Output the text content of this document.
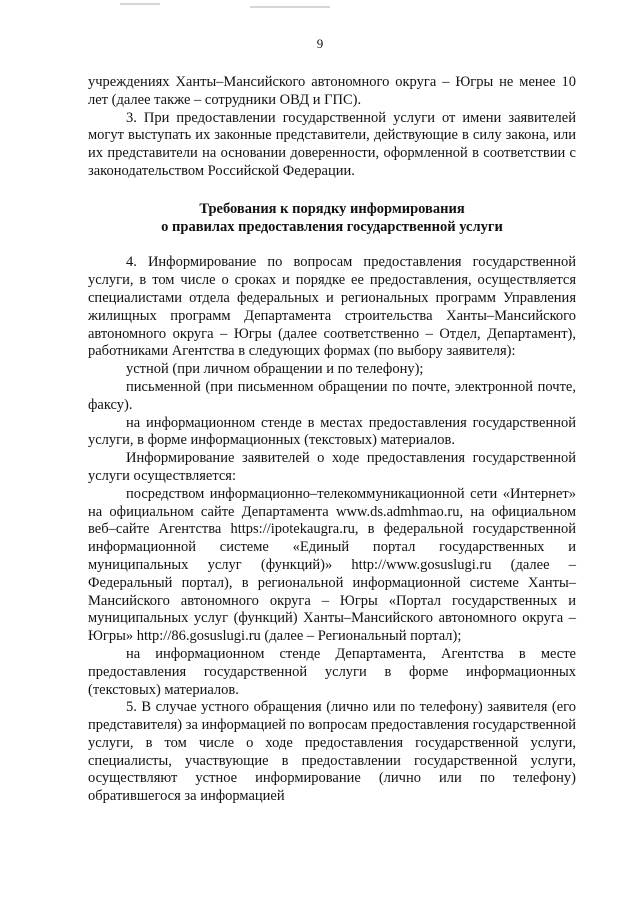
9

учреждениях Ханты–Мансийского автономного округа – Югры не менее 10 лет (далее также – сотрудники ОВД и ГПС).

3. При предоставлении государственной услуги от имени заявителей могут выступать их законные представители, действующие в силу закона, или их представители на основании доверенности, оформленной в соответствии с законодательством Российской Федерации.

Требования к порядку информирования
о правилах предоставления государственной услуги

4. Информирование по вопросам предоставления государственной услуги, в том числе о сроках и порядке ее предоставления, осуществляется специалистами отдела федеральных и региональных программ Управления жилищных программ Департамента строительства Ханты–Мансийского автономного округа – Югры (далее соответственно – Отдел, Департамент), работниками Агентства в следующих формах (по выбору заявителя):

устной (при личном обращении и по телефону);

письменной (при письменном обращении по почте, электронной почте, факсу).

на информационном стенде в местах предоставления государственной услуги, в форме информационных (текстовых) материалов.

Информирование заявителей о ходе предоставления государственной услуги осуществляется:

посредством информационно–телекоммуникационной сети «Интернет» на официальном сайте Департамента www.ds.admhmao.ru, на официальном веб–сайте Агентства https://ipotekaugra.ru, в федеральной государственной информационной системе «Единый портал государственных и муниципальных услуг (функций)» http://www.gosuslugi.ru (далее – Федеральный портал), в региональной информационной системе Ханты–Мансийского автономного округа – Югры «Портал государственных и муниципальных услуг (функций) Ханты–Мансийского автономного округа – Югры» http://86.gosuslugi.ru (далее – Региональный портал);

на информационном стенде Департамента, Агентства в месте предоставления государственной услуги в форме информационных (текстовых) материалов.

5. В случае устного обращения (лично или по телефону) заявителя (его представителя) за информацией по вопросам предоставления государственной услуги, в том числе о ходе предоставления государственной услуги, специалисты, участвующие в предоставлении государственной услуги, осуществляют устное информирование (лично или по телефону) обратившегося за информацией
